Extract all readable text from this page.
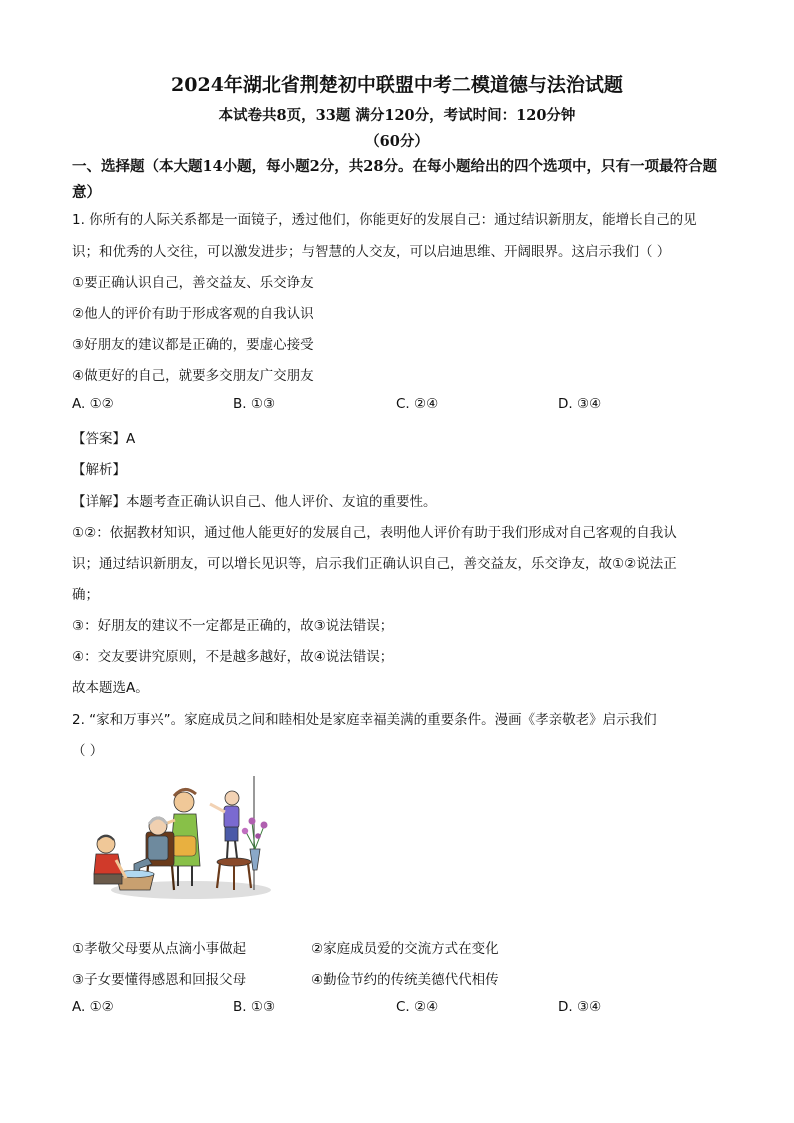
2024年湖北省荆楚初中联盟中考二模道德与法治试题
本试卷共8页，33题 满分120分，考试时间：120分钟
（60分）
一、选择题（本大题14小题，每小题2分，共28分。在每小题给出的四个选项中，只有一项最符合题意）
1. 你所有的人际关系都是一面镜子，透过他们，你能更好的发展自己：通过结识新朋友，能增长自己的见
识；和优秀的人交往，可以激发进步；与智慧的人交友，可以启迪思维、开阔眼界。这启示我们（ ）
①要正确认识自己，善交益友、乐交诤友
②他人的评价有助于形成客观的自我认识
③好朋友的建议都是正确的，要虚心接受
④做更好的自己，就要多交朋友广交朋友
A. ①②	B. ①③	C. ②④	D. ③④
【答案】A
【解析】
【详解】本题考查正确认识自己、他人评价、友谊的重要性。
①②：依据教材知识，通过他人能更好的发展自己，表明他人评价有助于我们形成对自己客观的自我认
识；通过结识新朋友，可以增长见识等，启示我们正确认识自己，善交益友，乐交诤友，故①②说法正
确；
③：好朋友的建议不一定都是正确的，故③说法错误；
④：交友要讲究原则，不是越多越好，故④说法错误；
故本题选A。
2. “家和万事兴”。家庭成员之间和睦相处是家庭幸福美满的重要条件。漫画《孝亲敬老》启示我们
（ ）
①孝敬父母要从点滴小事做起	②家庭成员爱的交流方式在变化
③子女要懂得感恩和回报父母	④勤俭节约的传统美德代代相传
A. ①②	B. ①③	C. ②④	D. ③④
